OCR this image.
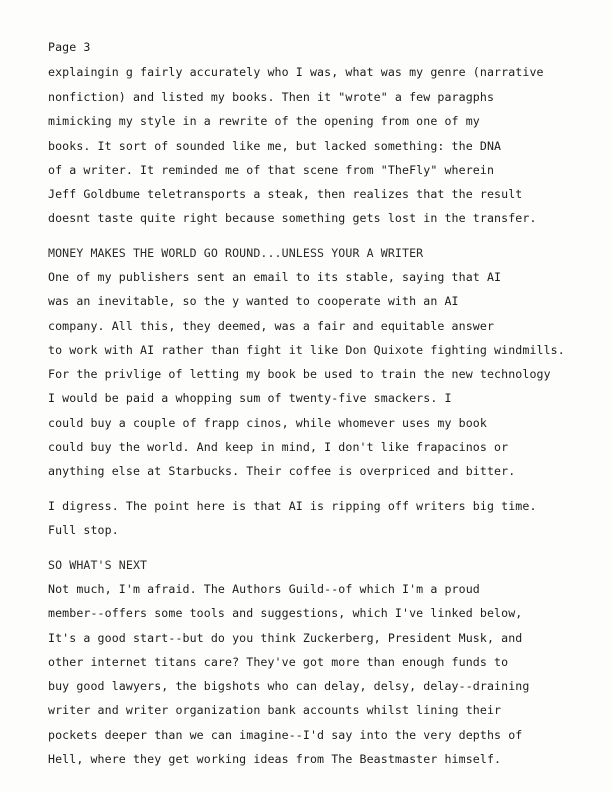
Page 3

explaingin g fairly accurately who I was, what was my genre (narrative

nonfiction) and listed my books. Then it "wrote" a few paragphs

mimicking my style in a rewrite of the opening from one of my

books. It sort of sounded like me, but lacked something: the DNA

of a writer. It reminded me of that scene from "TheFly" wherein

Jeff Goldbume teletransports a steak, then realizes that the result

doesnt taste quite right because something gets lost in the transfer.

MONEY MAKES THE WORLD GO ROUND...UNLESS YOUR A WRITER

One of my publishers sent an email to its stable, saying that AI

was an inevitable, so the y wanted to cooperate with an AI

company. All this, they deemed, was a fair and equitable answer

to work with AI rather than fight it like Don Quixote fighting windmills.

For the privlige of letting my book be used to train the new technology

I would be paid a whopping sum of twenty-five smackers. I

could buy a couple of frapp cinos, while whomever uses my book

could buy the world. And keep in mind, I don't like frapacinos or

anything else at Starbucks. Their coffee is overpriced and bitter.

I digress. The point here is that AI is ripping off writers big time.

Full stop.

SO WHAT'S NEXT

Not much, I'm afraid. The Authors Guild--of which I'm a proud

member--offers some tools and suggestions, which I've linked below,

It's a good start--but do you think Zuckerberg, President Musk, and

other internet titans care? They've got more than enough funds to

buy good lawyers, the bigshots who can delay, delsy, delay--draining

writer and writer organization bank accounts whilst lining their

pockets deeper than we can imagine--I'd say into the very depths of

Hell, where they get working ideas from The Beastmaster himself.
